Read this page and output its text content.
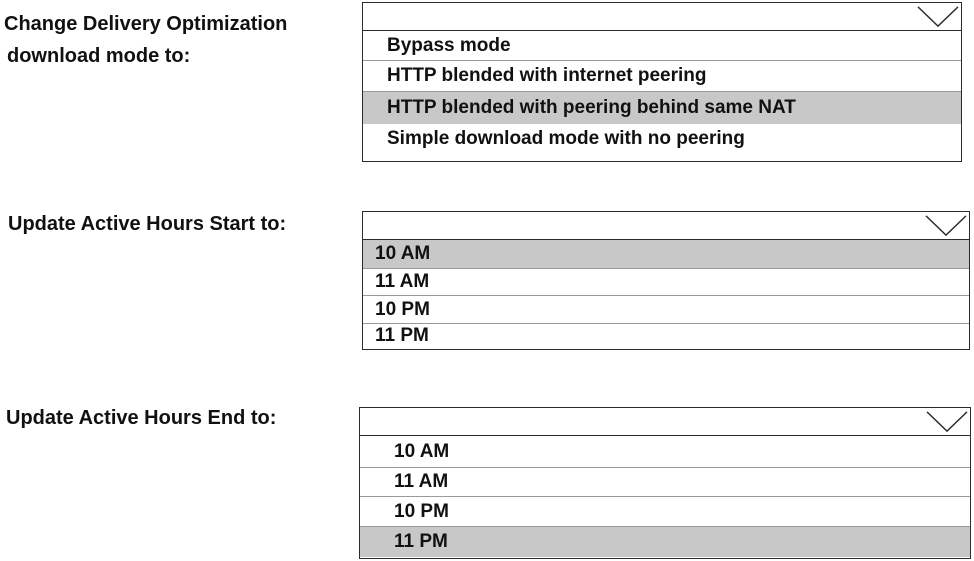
Change Delivery Optimization
download mode to:	Bypass mode
HTTP blended with internet peering
HTTP blended with peering behind same NAT
Simple download mode with no peering

Update Active Hours Start to:

10 AM
11 AM
10 PM
11 PM

Update Active Hours End to:

10 AM
11 AM
10 PM
11 PM
